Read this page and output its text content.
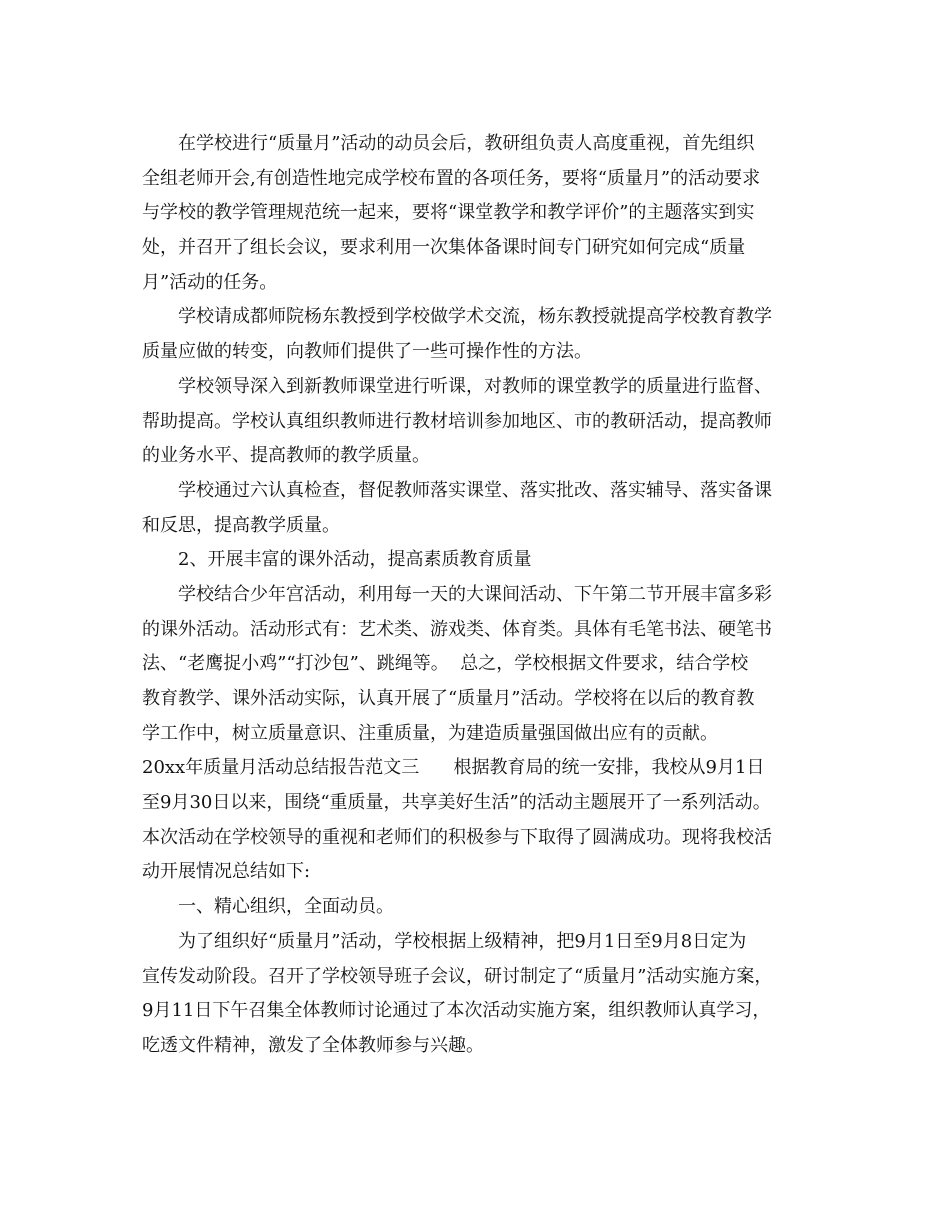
在学校进行“质量月”活动的动员会后，教研组负责人高度重视，首先组织
全组老师开会,有创造性地完成学校布置的各项任务，要将“质量月”的活动要求
与学校的教学管理规范统一起来，要将“课堂教学和教学评价”的主题落实到实
处，并召开了组长会议，要求利用一次集体备课时间专门研究如何完成“质量
月”活动的任务。
学校请成都师院杨东教授到学校做学术交流，杨东教授就提高学校教育教学
质量应做的转变，向教师们提供了一些可操作性的方法。
学校领导深入到新教师课堂进行听课，对教师的课堂教学的质量进行监督、
帮助提高。学校认真组织教师进行教材培训参加地区、市的教研活动，提高教师
的业务水平、提高教师的教学质量。
学校通过六认真检查，督促教师落实课堂、落实批改、落实辅导、落实备课
和反思，提高教学质量。
2、开展丰富的课外活动，提高素质教育质量
学校结合少年宫活动，利用每一天的大课间活动、下午第二节开展丰富多彩
的课外活动。活动形式有：艺术类、游戏类、体育类。具体有毛笔书法、硬笔书
法、“老鹰捉小鸡”“打沙包”、跳绳等。  总之，学校根据文件要求，结合学校
教育教学、课外活动实际，认真开展了“质量月”活动。学校将在以后的教育教
学工作中，树立质量意识、注重质量，为建造质量强国做出应有的贡献。
20xx年质量月活动总结报告范文三      根据教育局的统一安排，我校从9月1日
至9月30日以来，围绕“重质量，共享美好生活”的活动主题展开了一系列活动。
本次活动在学校领导的重视和老师们的积极参与下取得了圆满成功。现将我校活
动开展情况总结如下:
一、精心组织，全面动员。
为了组织好“质量月”活动，学校根据上级精神，把9月1日至9月8日定为
宣传发动阶段。召开了学校领导班子会议，研讨制定了“质量月”活动实施方案，
9月11日下午召集全体教师讨论通过了本次活动实施方案，组织教师认真学习，
吃透文件精神，激发了全体教师参与兴趣。
